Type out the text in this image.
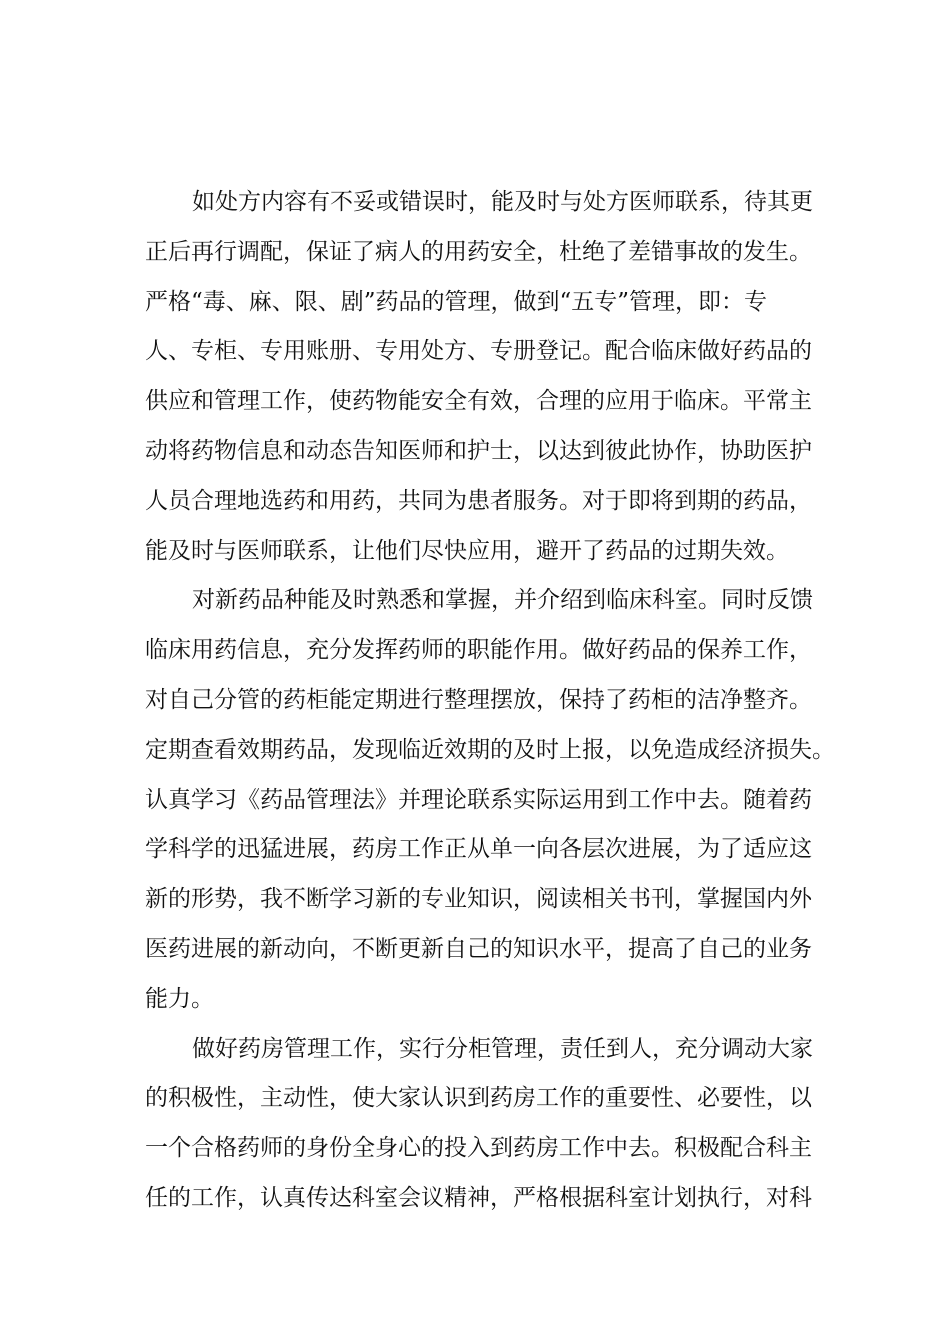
如处方内容有不妥或错误时，能及时与处方医师联系，待其更
正后再行调配，保证了病人的用药安全，杜绝了差错事故的发生。
严格“毒、麻、限、剧”药品的管理，做到“五专”管理，即：专
人、专柜、专用账册、专用处方、专册登记。配合临床做好药品的
供应和管理工作，使药物能安全有效，合理的应用于临床。平常主
动将药物信息和动态告知医师和护士，以达到彼此协作，协助医护
人员合理地选药和用药，共同为患者服务。对于即将到期的药品，
能及时与医师联系，让他们尽快应用，避开了药品的过期失效。
对新药品种能及时熟悉和掌握，并介绍到临床科室。同时反馈
临床用药信息，充分发挥药师的职能作用。做好药品的保养工作，
对自己分管的药柜能定期进行整理摆放，保持了药柜的洁净整齐。
定期查看效期药品，发现临近效期的及时上报，以免造成经济损失。
认真学习《药品管理法》并理论联系实际运用到工作中去。随着药
学科学的迅猛进展，药房工作正从单一向各层次进展，为了适应这
新的形势，我不断学习新的专业知识，阅读相关书刊，掌握国内外
医药进展的新动向，不断更新自己的知识水平，提高了自己的业务
能力。
做好药房管理工作，实行分柜管理，责任到人，充分调动大家
的积极性，主动性，使大家认识到药房工作的重要性、必要性，以
一个合格药师的身份全身心的投入到药房工作中去。积极配合科主
任的工作，认真传达科室会议精神，严格根据科室计划执行，对科
